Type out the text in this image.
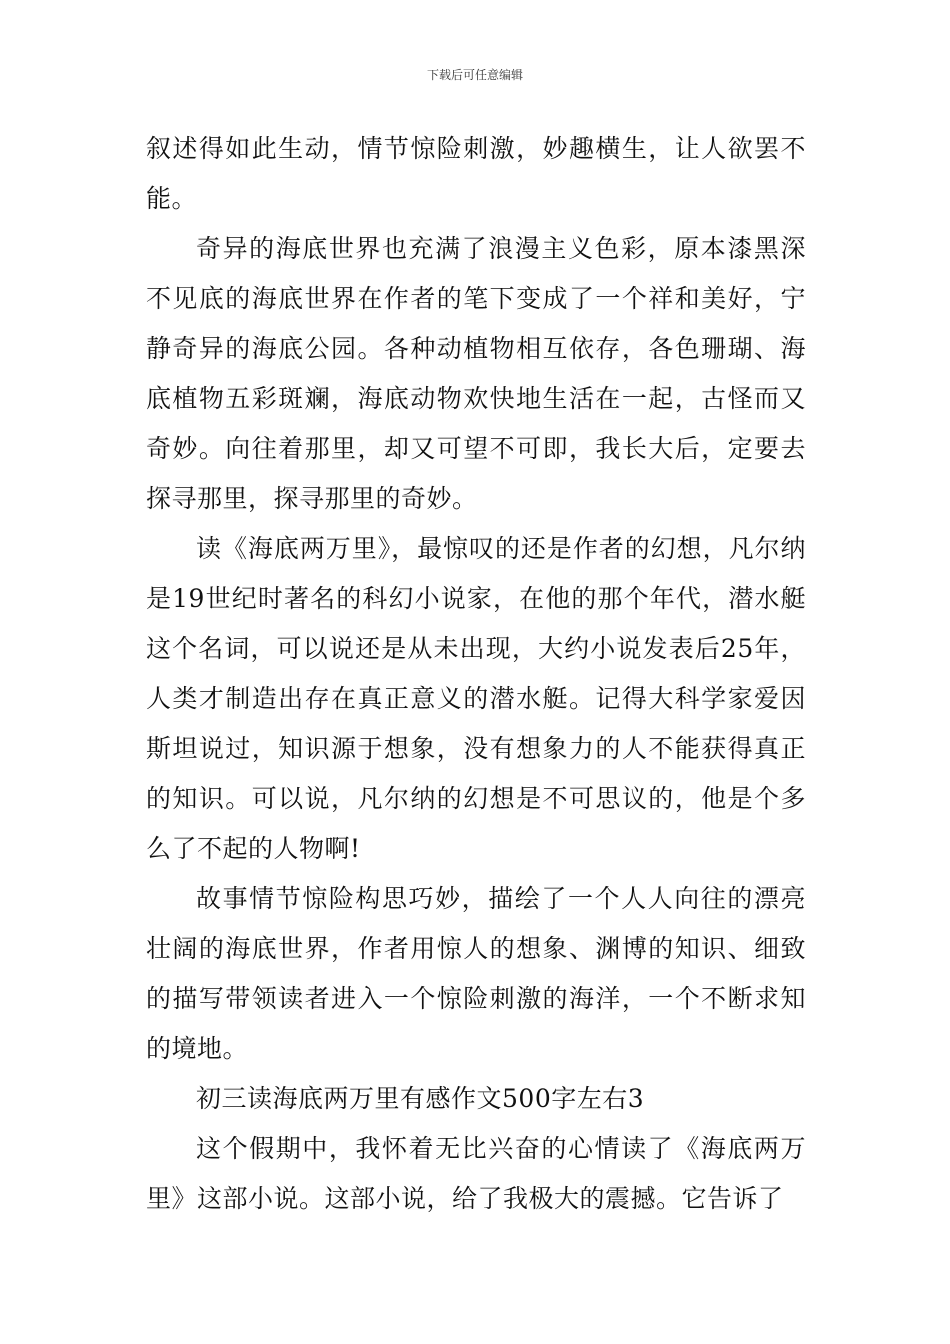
下载后可任意编辑

叙述得如此生动，情节惊险刺激，妙趣横生，让人欲罢不能。

奇异的海底世界也充满了浪漫主义色彩，原本漆黑深不见底的海底世界在作者的笔下变成了一个祥和美好，宁静奇异的海底公园。各种动植物相互依存，各色珊瑚、海底植物五彩斑斓，海底动物欢快地生活在一起，古怪而又奇妙。向往着那里，却又可望不可即，我长大后，定要去探寻那里，探寻那里的奇妙。

读《海底两万里》，最惊叹的还是作者的幻想，凡尔纳是19世纪时著名的科幻小说家，在他的那个年代，潜水艇这个名词，可以说还是从未出现，大约小说发表后25年，人类才制造出存在真正意义的潜水艇。记得大科学家爱因斯坦说过，知识源于想象，没有想象力的人不能获得真正的知识。可以说，凡尔纳的幻想是不可思议的，他是个多么了不起的人物啊!

故事情节惊险构思巧妙，描绘了一个人人向往的漂亮壮阔的海底世界，作者用惊人的想象、渊博的知识、细致的描写带领读者进入一个惊险刺激的海洋，一个不断求知的境地。

初三读海底两万里有感作文500字左右3

这个假期中，我怀着无比兴奋的心情读了《海底两万里》这部小说。这部小说，给了我极大的震撼。它告诉了
